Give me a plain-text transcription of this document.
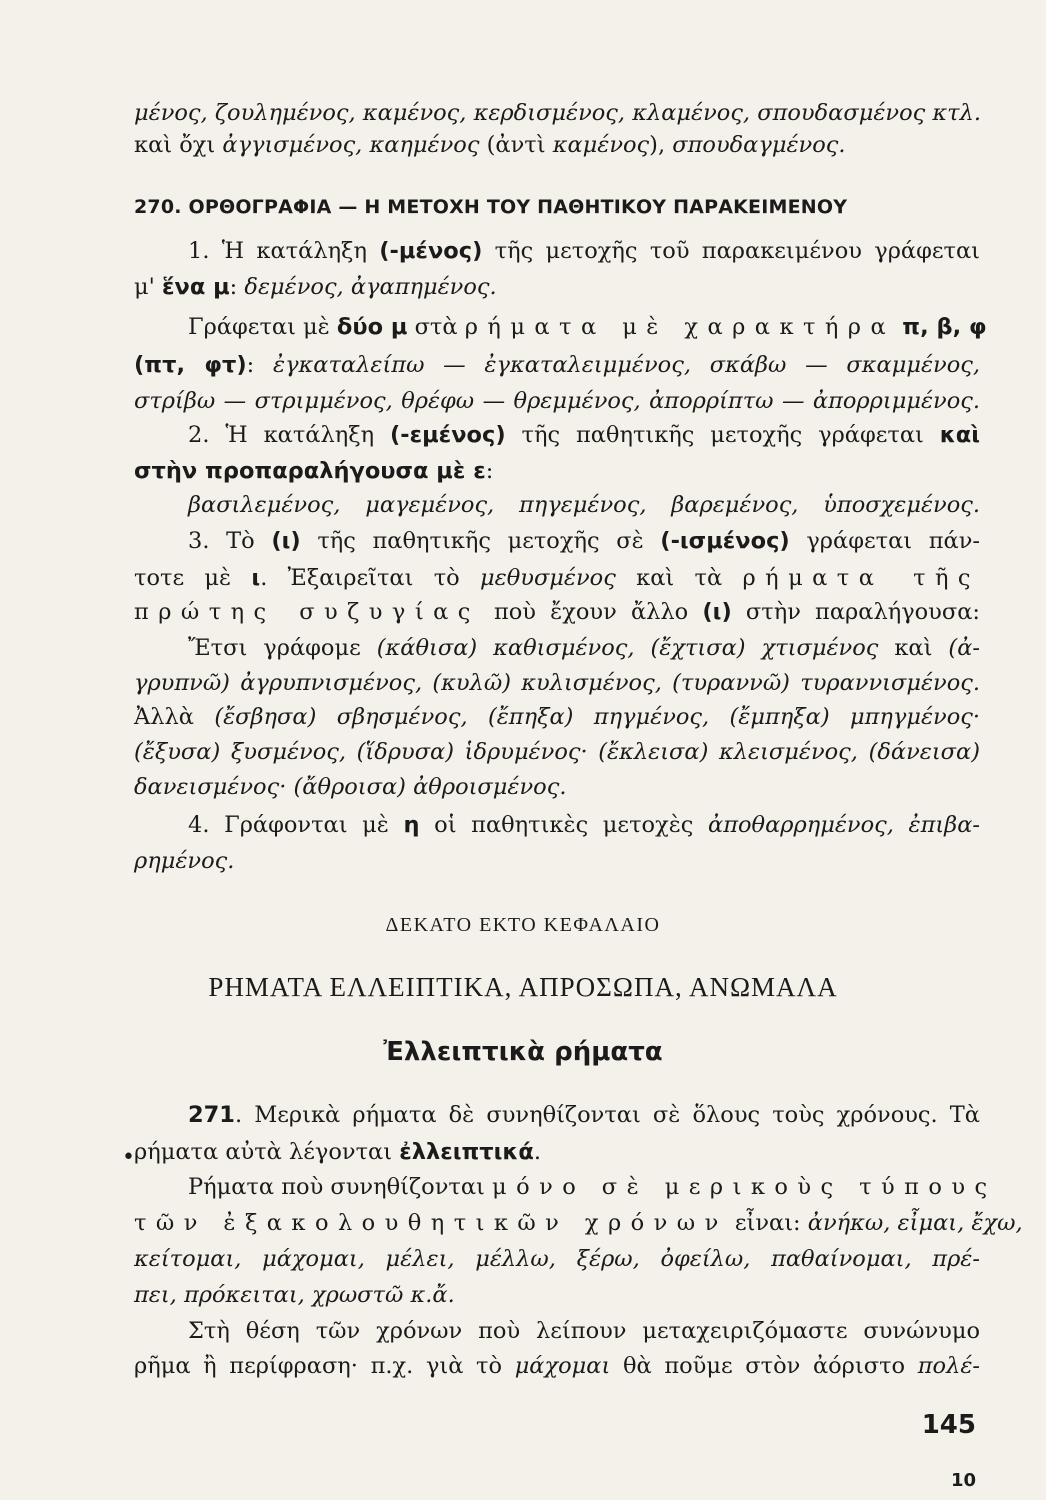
μένος, ζουλημένος, καμένος, κερδισμένος, κλαμένος, σπουδασμένος κτλ.
καὶ ὄχι ἀγγισμένος, καημένος (ἀντὶ καμένος), σπουδαγμένος.
270. ΟΡΘΟΓΡΑΦΙΑ — Η ΜΕΤΟΧΗ ΤΟΥ ΠΑΘΗΤΙΚΟΥ ΠΑΡΑΚΕΙΜΕΝΟΥ
1. Ἡ κατάληξη (-μένος) τῆς μετοχῆς τοῦ παρακειμένου γράφεται
μ' ἕνα μ: δεμένος, ἀγαπημένος.
Γράφεται μὲ δύο μ στὰ ρήματα μὲ χαρακτήρα π, β, φ
(πτ, φτ): ἐγκαταλείπω — ἐγκαταλειμμένος, σκάβω — σκαμμένος,
στρίβω — στριμμένος, θρέφω — θρεμμένος, ἀπορρίπτω — ἀπορριμμένος.
2. Ἡ κατάληξη (-εμένος) τῆς παθητικῆς μετοχῆς γράφεται καὶ
στὴν προπαραλήγουσα μὲ ε:
βασιλεμένος, μαγεμένος, πηγεμένος, βαρεμένος, ὑποσχεμένος.
3. Τὸ (ι) τῆς παθητικῆς μετοχῆς σὲ (-ισμένος) γράφεται πάν-
τοτε μὲ ι. Ἐξαιρεῖται τὸ μεθυσμένος καὶ τὰ ρήματα τῆς
πρώτης συζυγίας ποὺ ἔχουν ἄλλο (ι) στὴν παραλήγουσα:
Ἔτσι γράφομε (κάθισα) καθισμένος, (ἔχτισα) χτισμένος καὶ (ἀ-
γρυπνῶ) ἀγρυπνισμένος, (κυλῶ) κυλισμένος, (τυραννῶ) τυραννισμένος.
Ἀλλὰ (ἔσβησα) σβησμένος, (ἔπηξα) πηγμένος, (ἔμπηξα) μπηγμένος·
(ἔξυσα) ξυσμένος, (ἵδρυσα) ἱδρυμένος· (ἔκλεισα) κλεισμένος, (δάνεισα)
δανεισμένος· (ἄθροισα) ἀθροισμένος.
4. Γράφονται μὲ η οἱ παθητικὲς μετοχὲς ἀποθαρρημένος, ἐπιβα-
ρημένος.
ΔΕΚΑΤΟ ΕΚΤΟ ΚΕΦΑΛΑΙΟ
ΡΗΜΑΤΑ ΕΛΛΕΙΠΤΙΚΑ, ΑΠΡΟΣΩΠΑ, ΑΝΩΜΑΛΑ
Ἐλλειπτικὰ ρήματα
271. Μερικὰ ρήματα δὲ συνηθίζονται σὲ ὅλους τοὺς χρόνους. Τὰ
• ρήματα αὐτὰ λέγονται ἐλλειπτικά.
Ρήματα ποὺ συνηθίζονται μόνο σὲ μερικοὺς τύπους
τῶν ἐξακολουθητικῶν χρόνων εἶναι: ἀνήκω, εἶμαι, ἔχω,
κείτομαι, μάχομαι, μέλει, μέλλω, ξέρω, ὀφείλω, παθαίνομαι, πρέ-
πει, πρόκειται, χρωστῶ κ.ἄ.
Στὴ θέση τῶν χρόνων ποὺ λείπουν μεταχειριζόμαστε συνώνυμο
ρῆμα ἢ περίφραση· π.χ. γιὰ τὸ μάχομαι θὰ ποῦμε στὸν ἀόριστο πολέ-
145
10
